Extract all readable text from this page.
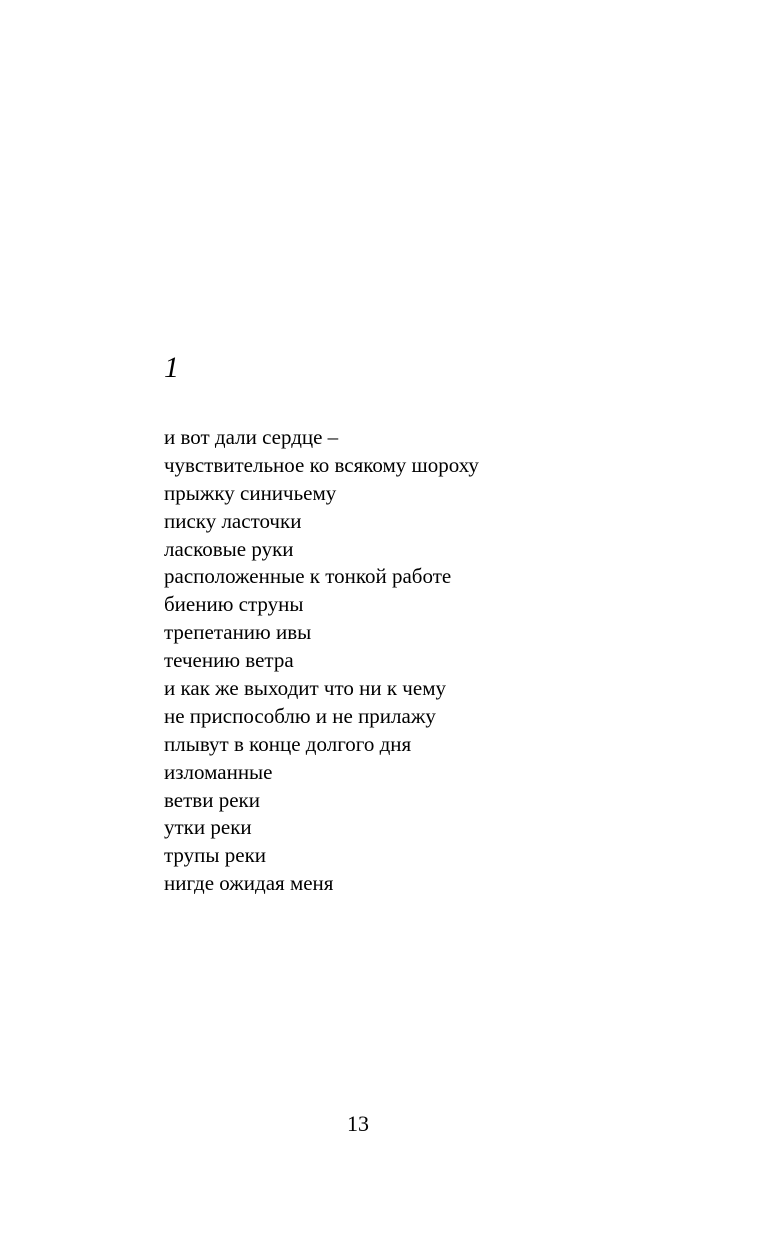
1
и вот дали сердце –
чувствительное ко всякому шороху
прыжку синичьему
писку ласточки
ласковые руки
расположенные к тонкой работе
биению струны
трепетанию ивы
течению ветра
и как же выходит что ни к чему
не приспособлю и не прилажу
плывут в конце долгого дня
изломанные
ветви реки
утки реки
трупы реки
нигде ожидая меня
13
